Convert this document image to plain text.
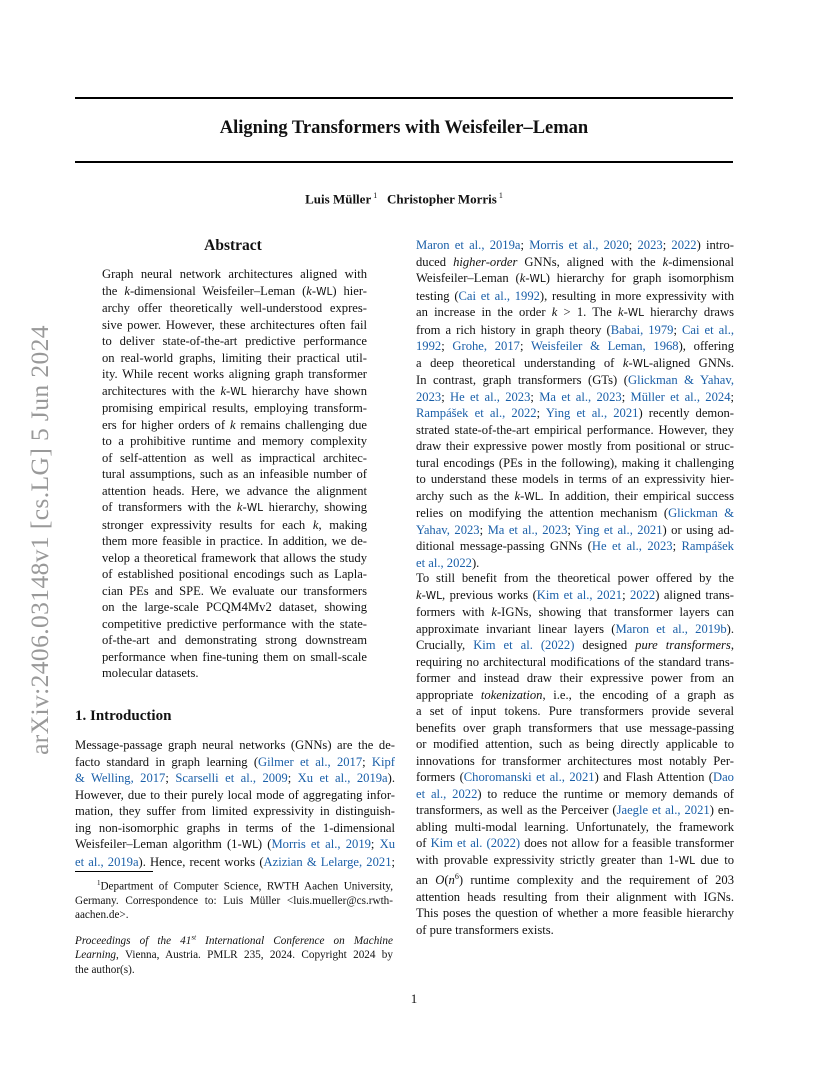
arXiv:2406.03148v1 [cs.LG] 5 Jun 2024
Aligning Transformers with Weisfeiler–Leman
Luis Müller $^1$ Christopher Morris $^1$
Abstract
Graph neural network architectures aligned with
the k-dimensional Weisfeiler–Leman (k-WL) hier-
archy offer theoretically well-understood expres-
sive power. However, these architectures often fail
to deliver state-of-the-art predictive performance
on real-world graphs, limiting their practical util-
ity. While recent works aligning graph transformer
architectures with the k-WL hierarchy have shown
promising empirical results, employing transform-
ers for higher orders of k remains challenging due
to a prohibitive runtime and memory complexity
of self-attention as well as impractical architec-
tural assumptions, such as an infeasible number of
attention heads. Here, we advance the alignment
of transformers with the k-WL hierarchy, showing
stronger expressivity results for each k, making
them more feasible in practice. In addition, we de-
velop a theoretical framework that allows the study
of established positional encodings such as Lapla-
cian PEs and SPE. We evaluate our transformers
on the large-scale PCQM4Mv2 dataset, showing
competitive predictive performance with the state-
of-the-art and demonstrating strong downstream
performance when fine-tuning them on small-scale
molecular datasets.
1. Introduction
Message-passage graph neural networks (GNNs) are the de-
facto standard in graph learning (Gilmer et al., 2017; Kipf
& Welling, 2017; Scarselli et al., 2009; Xu et al., 2019a).
However, due to their purely local mode of aggregating infor-
mation, they suffer from limited expressivity in distinguish-
ing non-isomorphic graphs in terms of the 1-dimensional
Weisfeiler–Leman algorithm (1-WL) (Morris et al., 2019; Xu
et al., 2019a). Hence, recent works (Azizian & Lelarge, 2021;
$^1$Department of Computer Science, RWTH Aachen University,
Germany. Correspondence to: Luis Müller <luis.mueller@cs.rwth-
aachen.de>.
Proceedings of the 41st International Conference on Machine
Learning, Vienna, Austria. PMLR 235, 2024. Copyright 2024 by
the author(s).
Maron et al., 2019a; Morris et al., 2020; 2023; 2022) intro-
duced higher-order GNNs, aligned with the k-dimensional
Weisfeiler–Leman (k-WL) hierarchy for graph isomorphism
testing (Cai et al., 1992), resulting in more expressivity with
an increase in the order k > 1. The k-WL hierarchy draws
from a rich history in graph theory (Babai, 1979; Cai et al.,
1992; Grohe, 2017; Weisfeiler & Leman, 1968), offering
a deep theoretical understanding of k-WL-aligned GNNs.
In contrast, graph transformers (GTs) (Glickman & Yahav,
2023; He et al., 2023; Ma et al., 2023; Müller et al., 2024;
Rampášek et al., 2022; Ying et al., 2021) recently demon-
strated state-of-the-art empirical performance. However, they
draw their expressive power mostly from positional or struc-
tural encodings (PEs in the following), making it challenging
to understand these models in terms of an expressivity hier-
archy such as the k-WL. In addition, their empirical success
relies on modifying the attention mechanism (Glickman &
Yahav, 2023; Ma et al., 2023; Ying et al., 2021) or using ad-
ditional message-passing GNNs (He et al., 2023; Rampášek
et al., 2022).
To still benefit from the theoretical power offered by the
k-WL, previous works (Kim et al., 2021; 2022) aligned trans-
formers with k-IGNs, showing that transformer layers can
approximate invariant linear layers (Maron et al., 2019b).
Crucially, Kim et al. (2022) designed pure transformers,
requiring no architectural modifications of the standard trans-
former and instead draw their expressive power from an
appropriate tokenization, i.e., the encoding of a graph as
a set of input tokens. Pure transformers provide several
benefits over graph transformers that use message-passing
or modified attention, such as being directly applicable to
innovations for transformer architectures most notably Per-
formers (Choromanski et al., 2021) and Flash Attention (Dao
et al., 2022) to reduce the runtime or memory demands of
transformers, as well as the Perceiver (Jaegle et al., 2021) en-
abling multi-modal learning. Unfortunately, the framework
of Kim et al. (2022) does not allow for a feasible transformer
with provable expressivity strictly greater than 1-WL due to
an $O(n^6)$ runtime complexity and the requirement of 203
attention heads resulting from their alignment with IGNs.
This poses the question of whether a more feasible hierarchy
of pure transformers exists.
1
